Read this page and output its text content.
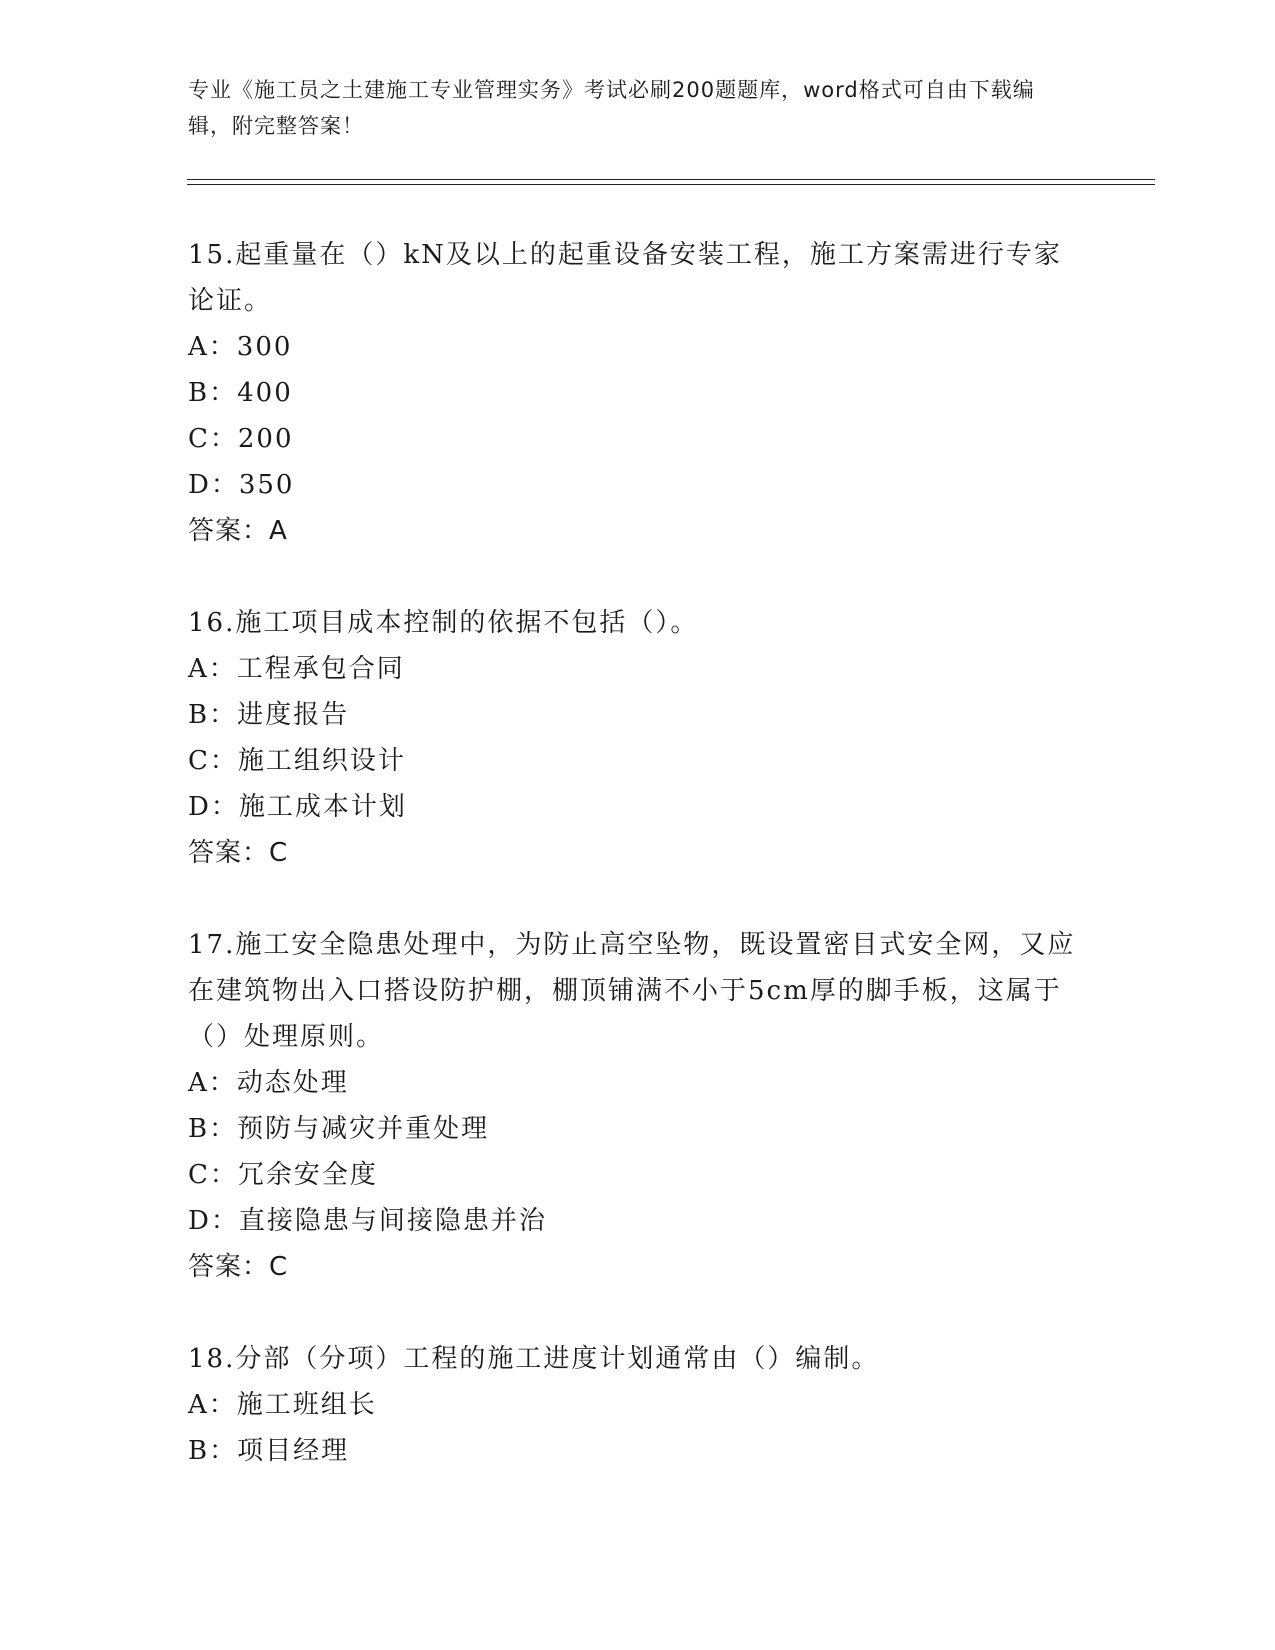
专业《施工员之土建施工专业管理实务》考试必刷200题题库，word格式可自由下载编辑，附完整答案！
15.起重量在（）kN及以上的起重设备安装工程，施工方案需进行专家论证。
A：300
B：400
C：200
D：350
答案：A
16.施工项目成本控制的依据不包括（）。
A：工程承包合同
B：进度报告
C：施工组织设计
D：施工成本计划
答案：C
17.施工安全隐患处理中，为防止高空坠物，既设置密目式安全网，又应在建筑物出入口搭设防护棚，棚顶铺满不小于5cm厚的脚手板，这属于（）处理原则。
A：动态处理
B：预防与减灾并重处理
C：冗余安全度
D：直接隐患与间接隐患并治
答案：C
18.分部（分项）工程的施工进度计划通常由（）编制。
A：施工班组长
B：项目经理
